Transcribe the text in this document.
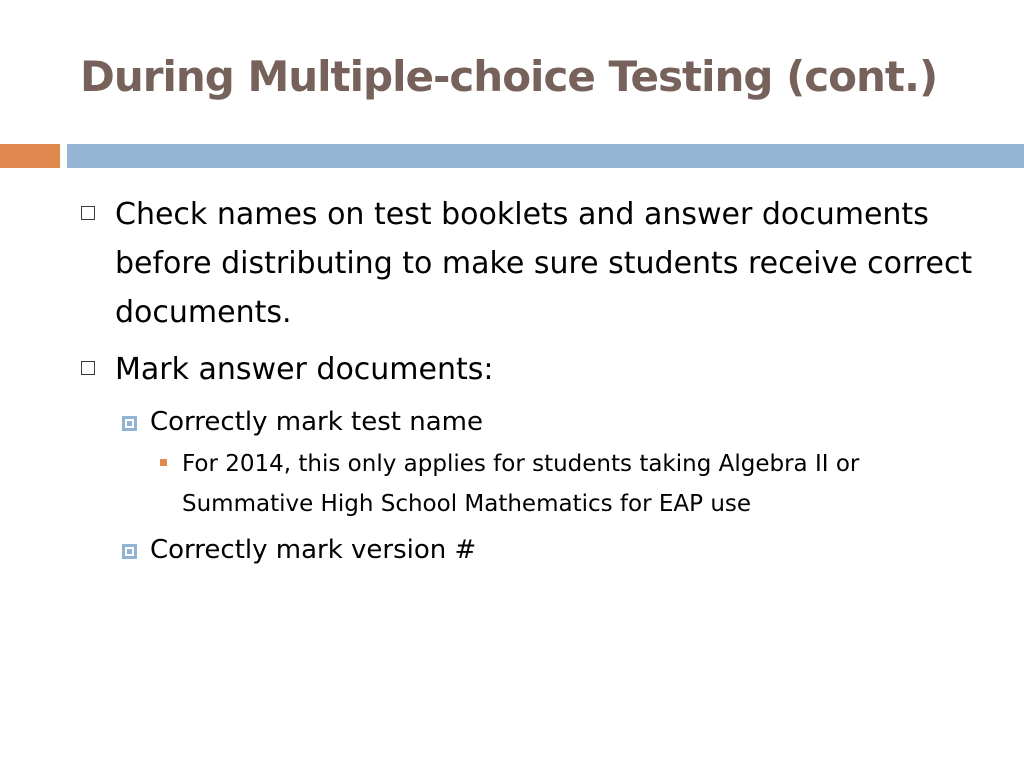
During Multiple-choice Testing (cont.)
Check names on test booklets and answer documents before distributing to make sure students receive correct documents.
Mark answer documents:
Correctly mark test name
For 2014, this only applies for students taking Algebra II or Summative High School Mathematics for EAP use
Correctly mark version #
